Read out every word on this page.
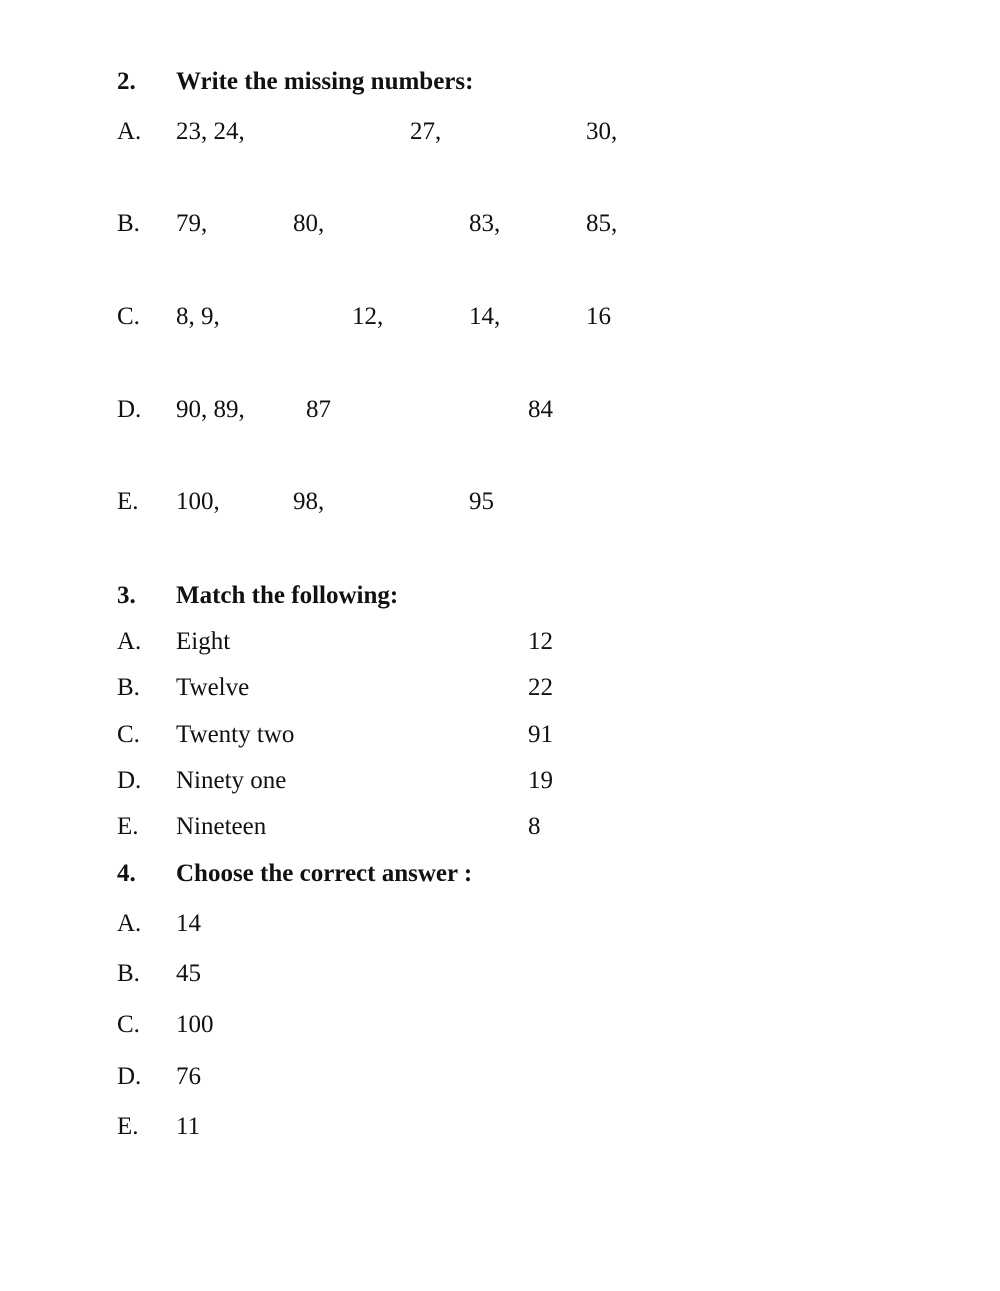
2. Write the missing numbers:
A. 23, 24,	27,	30,
B. 79,	80,	83,	85,
C. 8, 9,	12,	14,	16
D. 90, 89, 87	84
E. 100,	98,	95
3. Match the following:
A. Eight	12
B. Twelve	22
C. Twenty two	91
D. Ninety one	19
E. Nineteen	8
4. Choose the correct answer :
A. 14
B. 45
C. 100
D. 76
E. 11
